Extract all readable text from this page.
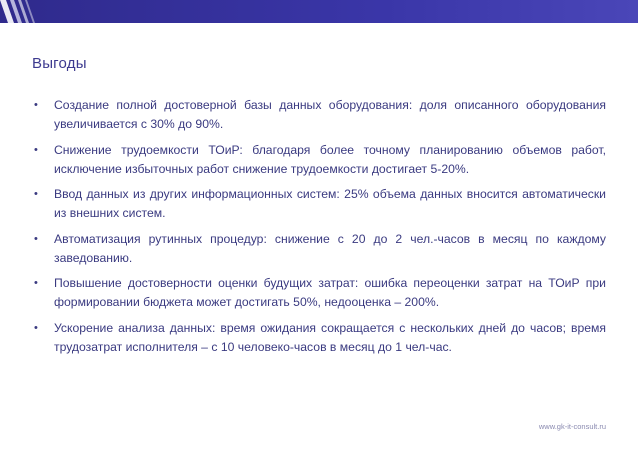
Выгоды
• Создание полной достоверной базы данных оборудования: доля описанного оборудования увеличивается с 30% до 90%.
• Снижение трудоемкости ТОиР: благодаря более точному планированию объемов работ, исключение избыточных работ снижение трудоемкости достигает 5-20%.
• Ввод данных из других информационных систем: 25% объема данных вносится автоматически из внешних систем.
• Автоматизация рутинных процедур: снижение с 20 до 2 чел.-часов в месяц по каждому заведованию.
• Повышение достоверности оценки будущих затрат: ошибка переоценки затрат на ТОиР при формировании бюджета может достигать 50%, недооценка – 200%.
• Ускорение анализа данных: время ожидания сокращается с нескольких дней до часов; время трудозатрат исполнителя – с 10 человеко-часов в месяц до 1 чел-час.
www.gk-it-consult.ru
